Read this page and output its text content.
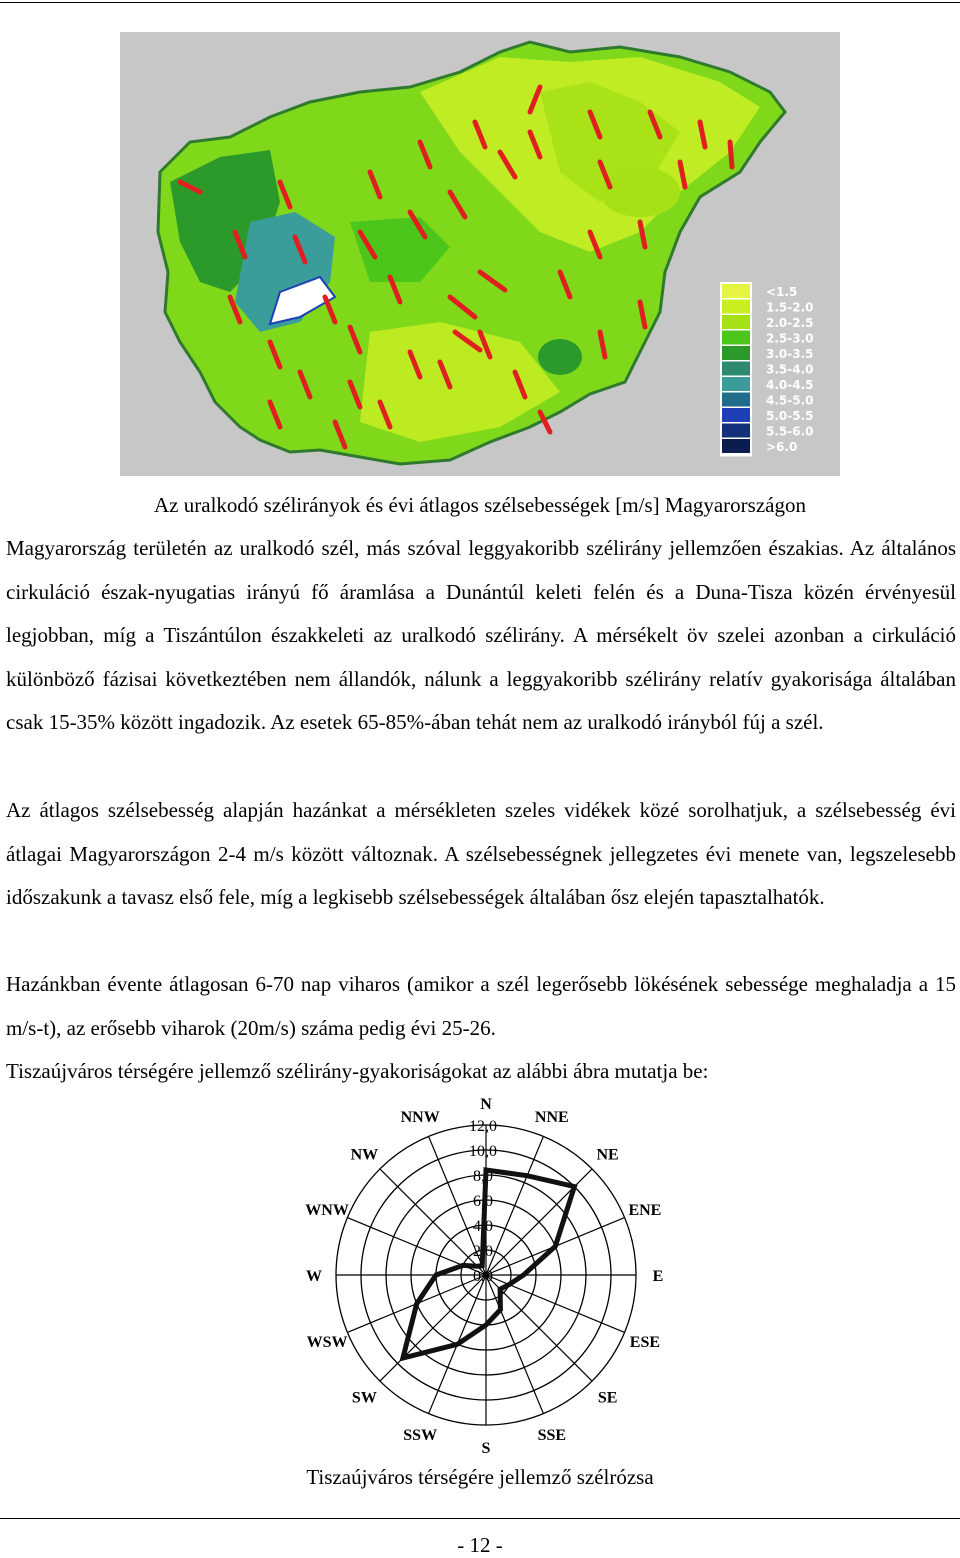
<1.5
1.5-2.0
2.0-2.5
2.5-3.0
3.0-3.5
3.5-4.0
4.0-4.5
4.5-5.0
5.0-5.5
5.5-6.0
>6.0
Az uralkodó szélirányok és évi átlagos szélsebességek [m/s] Magyarországon

Magyarország területén az uralkodó szél, más szóval leggyakoribb szélirány jellemzően északias. Az általános cirkuláció észak-nyugatias irányú fő áramlása a Dunántúl keleti felén és a Duna-Tisza közén érvényesül legjobban, míg a Tiszántúlon északkeleti az uralkodó szélirány. A mérsékelt öv szelei azonban a cirkuláció különböző fázisai következtében nem állandók, nálunk a leggyakoribb szélirány relatív gyakorisága általában csak 15-35% között ingadozik. Az esetek 65-85%-ában tehát nem az uralkodó irányból fúj a szél.

Az átlagos szélsebesség alapján hazánkat a mérsékleten szeles vidékek közé sorolhatjuk, a szélsebesség évi átlagai Magyarországon 2-4 m/s között változnak. A szélsebességnek jellegzetes évi menete van, legszelesebb időszakunk a tavasz első fele, míg a legkisebb szélsebességek általában ősz elején tapasztalhatók.

Hazánkban évente átlagosan 6-70 nap viharos (amikor a szél legerősebb lökésének sebessége meghaladja a 15 m/s-t), az erősebb viharok (20m/s) száma pedig évi 25-26.

Tiszaújváros térségére jellemző szélirány-gyakoriságokat az alábbi ábra mutatja be:

0,0
2,0
4,0
6,0
8,0
10,0
12,0
N
NNE
NE
ENE
E
ESE
SE
SSE
S
SSW
SW
WSW
W
WNW
NW
NNW
Tiszaújváros térségére jellemző szélrózsa
- 12 -
